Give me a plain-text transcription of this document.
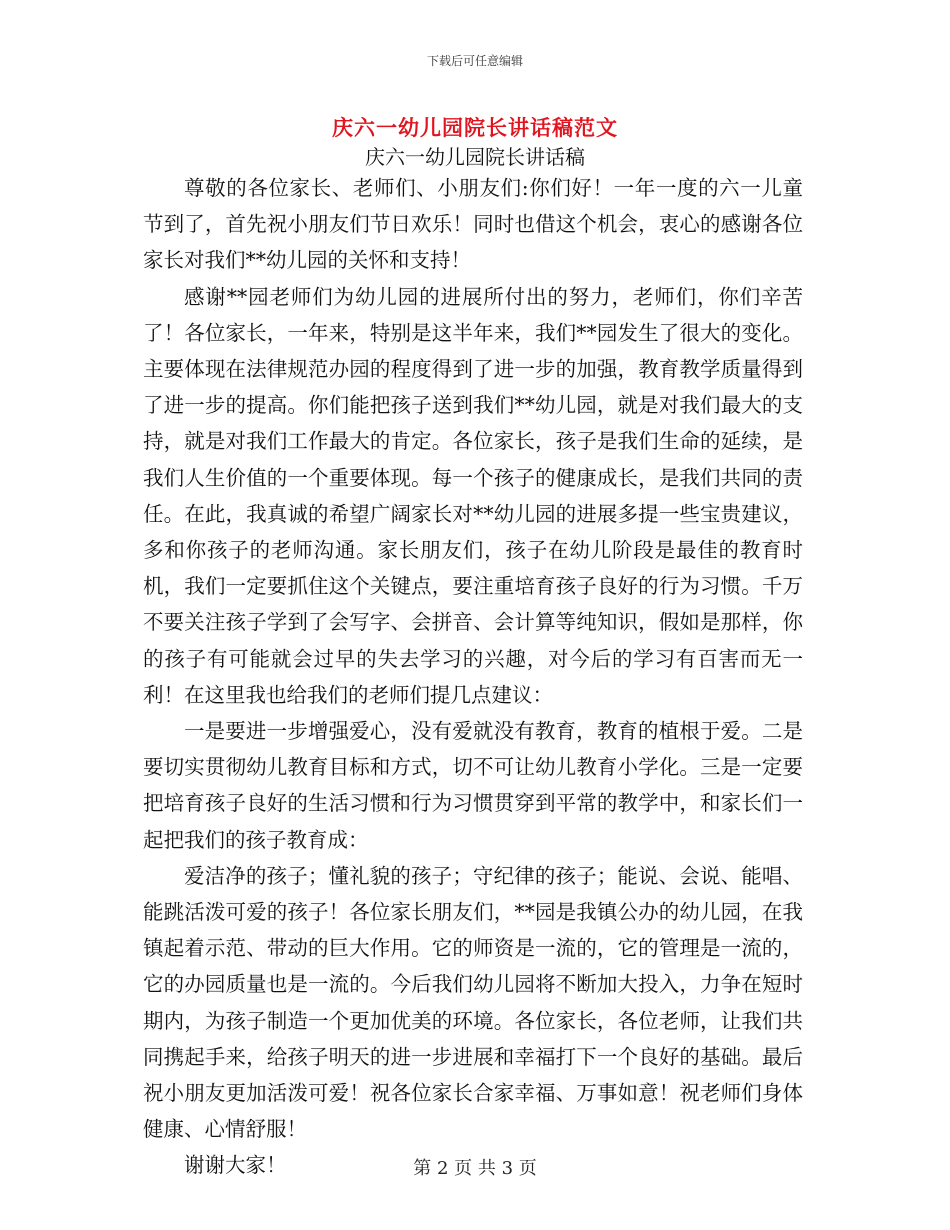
下载后可任意编辑
庆六一幼儿园院长讲话稿范文
庆六一幼儿园院长讲话稿

尊敬的各位家长、老师们、小朋友们:你们好！一年一度的六一儿童节到了，首先祝小朋友们节日欢乐！同时也借这个机会，衷心的感谢各位家长对我们**幼儿园的关怀和支持！

感谢**园老师们为幼儿园的进展所付出的努力，老师们，你们辛苦了！各位家长，一年来，特别是这半年来，我们**园发生了很大的变化。主要体现在法律规范办园的程度得到了进一步的加强，教育教学质量得到了进一步的提高。你们能把孩子送到我们**幼儿园，就是对我们最大的支持，就是对我们工作最大的肯定。各位家长，孩子是我们生命的延续，是我们人生价值的一个重要体现。每一个孩子的健康成长，是我们共同的责任。在此，我真诚的希望广阔家长对**幼儿园的进展多提一些宝贵建议，多和你孩子的老师沟通。家长朋友们，孩子在幼儿阶段是最佳的教育时机，我们一定要抓住这个关键点，要注重培育孩子良好的行为习惯。千万不要关注孩子学到了会写字、会拼音、会计算等纯知识，假如是那样，你的孩子有可能就会过早的失去学习的兴趣，对今后的学习有百害而无一利！在这里我也给我们的老师们提几点建议：

一是要进一步增强爱心，没有爱就没有教育，教育的植根于爱。二是要切实贯彻幼儿教育目标和方式，切不可让幼儿教育小学化。三是一定要把培育孩子良好的生活习惯和行为习惯贯穿到平常的教学中，和家长们一起把我们的孩子教育成：

爱洁净的孩子；懂礼貌的孩子；守纪律的孩子；能说、会说、能唱、能跳活泼可爱的孩子！各位家长朋友们，**园是我镇公办的幼儿园，在我镇起着示范、带动的巨大作用。它的师资是一流的，它的管理是一流的，它的办园质量也是一流的。今后我们幼儿园将不断加大投入，力争在短时期内，为孩子制造一个更加优美的环境。各位家长，各位老师，让我们共同携起手来，给孩子明天的进一步进展和幸福打下一个良好的基础。最后祝小朋友更加活泼可爱！祝各位家长合家幸福、万事如意！祝老师们身体健康、心情舒服！

谢谢大家！	第 2 页 共 3 页
